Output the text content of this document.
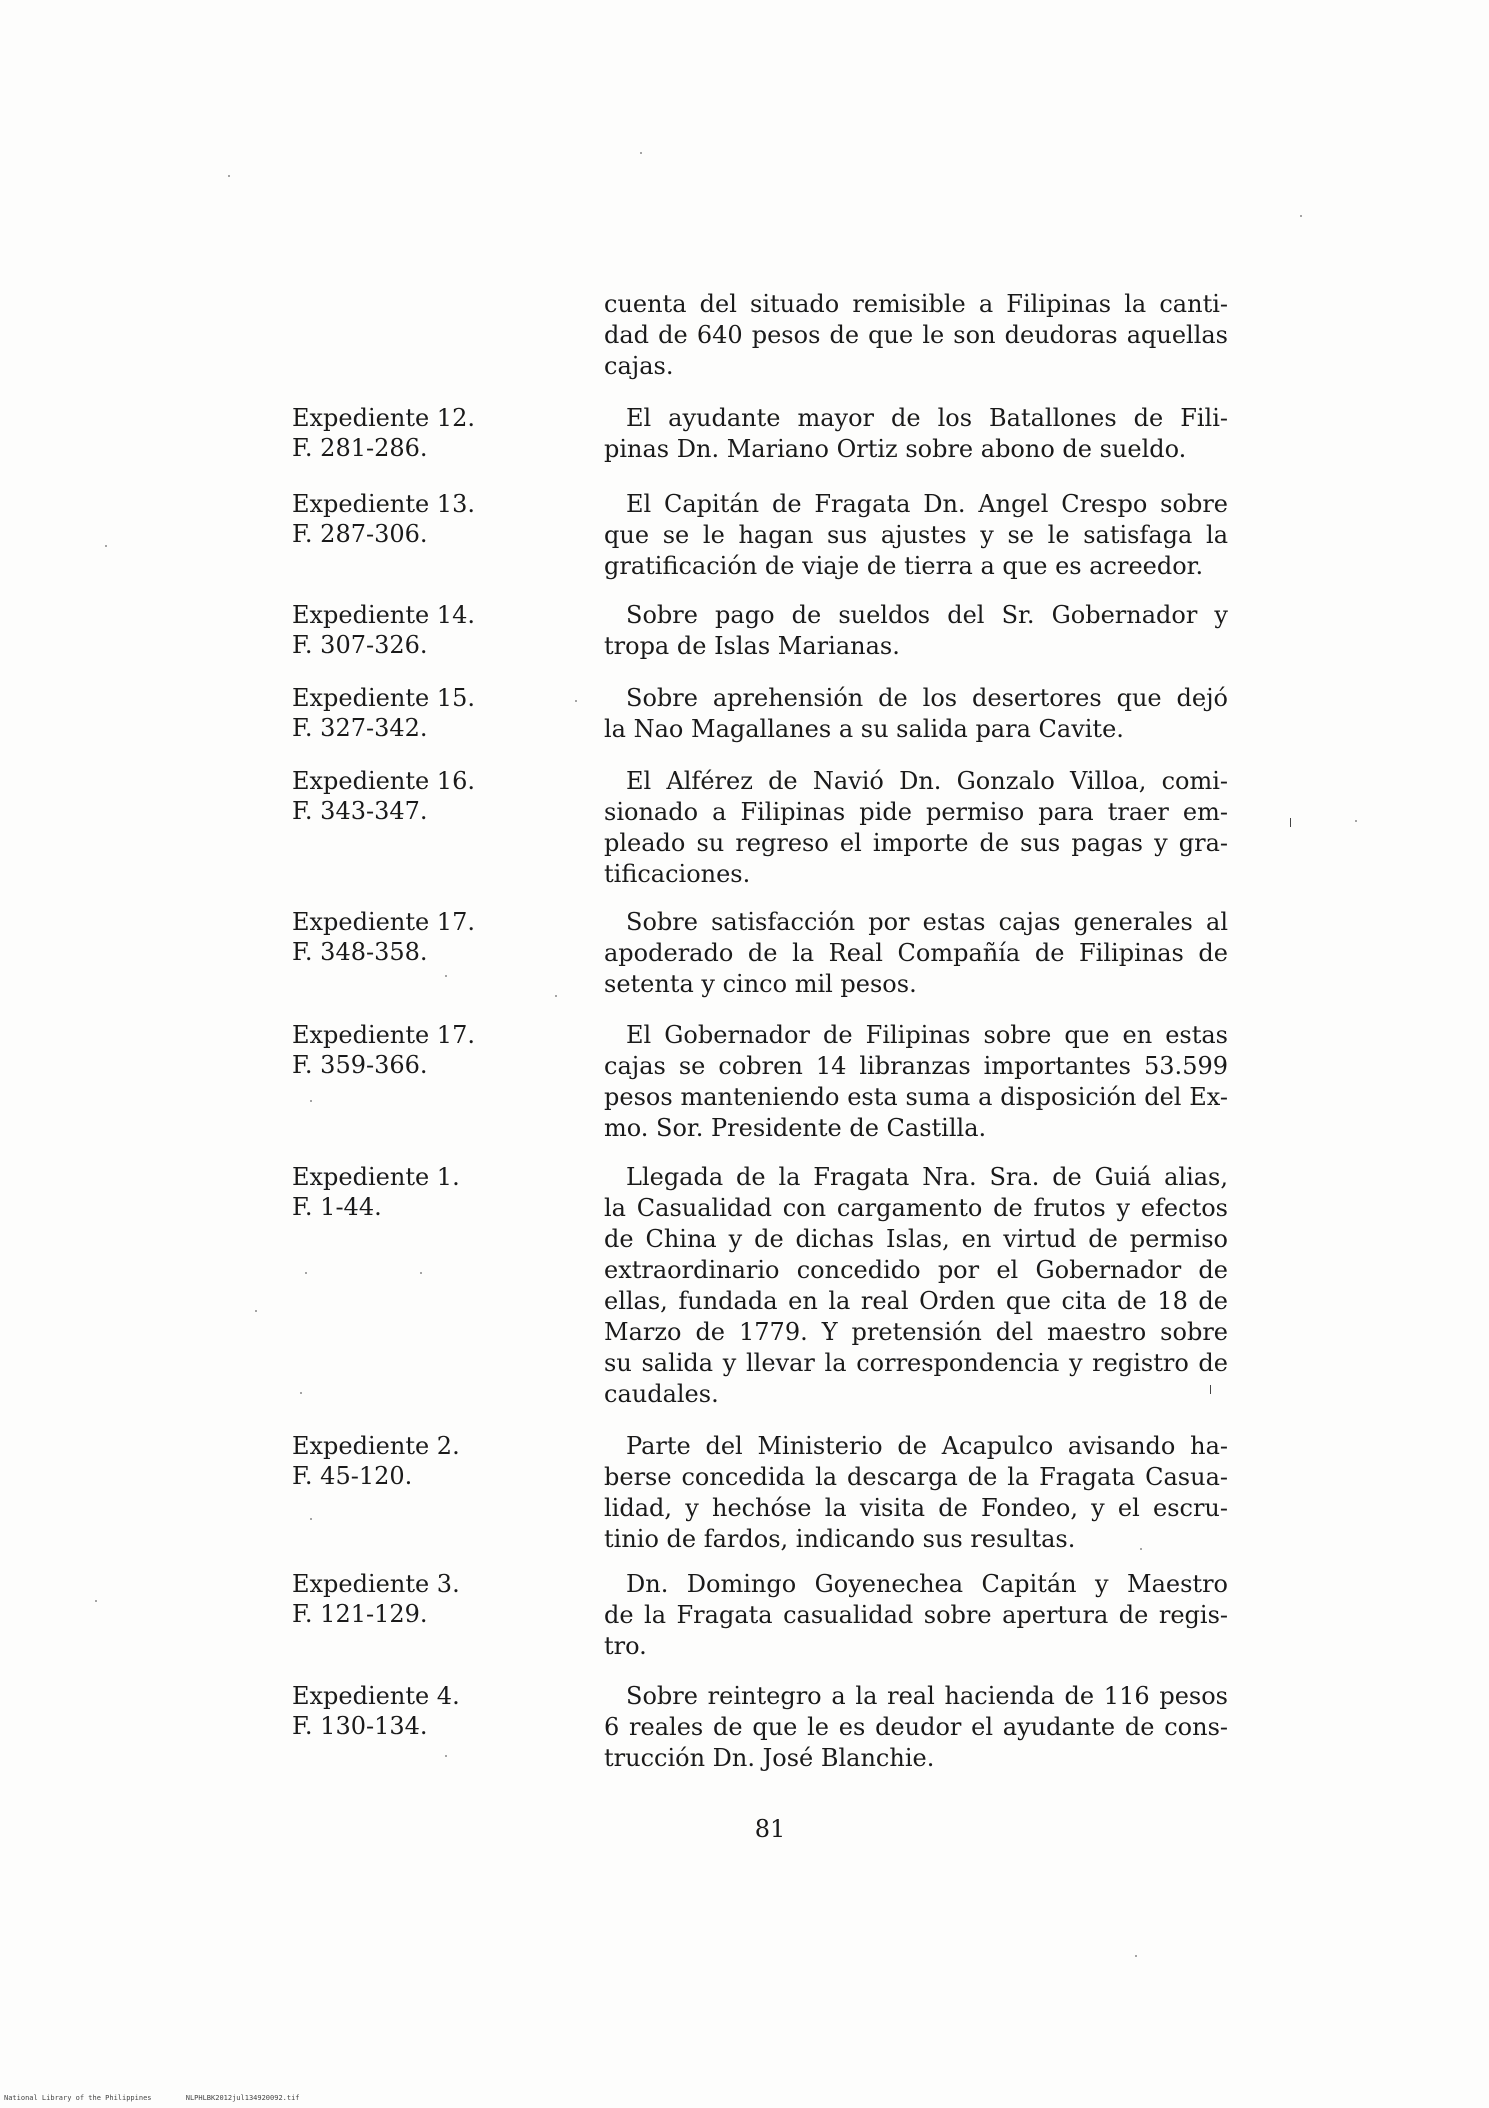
cuenta del situado remisible a Filipinas la canti-
dad de 640 pesos de que le son deudoras aquellas
cajas.
Expediente 12.
F. 281-286.
El ayudante mayor de los Batallones de Fili-
pinas Dn. Mariano Ortiz sobre abono de sueldo.
Expediente 13.
F. 287-306.
El Capitán de Fragata Dn. Angel Crespo sobre
que se le hagan sus ajustes y se le satisfaga la
gratificación de viaje de tierra a que es acreedor.
Expediente 14.
F. 307-326.
Sobre pago de sueldos del Sr. Gobernador y
tropa de Islas Marianas.
Expediente 15.
F. 327-342.
Sobre aprehensión de los desertores que dejó
la Nao Magallanes a su salida para Cavite.
Expediente 16.
F. 343-347.
El Alférez de Navió Dn. Gonzalo Villoa, comi-
sionado a Filipinas pide permiso para traer em-
pleado su regreso el importe de sus pagas y gra-
tificaciones.
Expediente 17.
F. 348-358.
Sobre satisfacción por estas cajas generales al
apoderado de la Real Compañía de Filipinas de
setenta y cinco mil pesos.
Expediente 17.
F. 359-366.
El Gobernador de Filipinas sobre que en estas
cajas se cobren 14 libranzas importantes 53.599
pesos manteniendo esta suma a disposición del Ex-
mo. Sor. Presidente de Castilla.
Expediente 1.
F. 1-44.
Llegada de la Fragata Nra. Sra. de Guiá alias,
la Casualidad con cargamento de frutos y efectos
de China y de dichas Islas, en virtud de permiso
extraordinario concedido por el Gobernador de
ellas, fundada en la real Orden que cita de 18 de
Marzo de 1779. Y pretensión del maestro sobre
su salida y llevar la correspondencia y registro de
caudales.
Expediente 2.
F. 45-120.
Parte del Ministerio de Acapulco avisando ha-
berse concedida la descarga de la Fragata Casua-
lidad, y hechóse la visita de Fondeo, y el escru-
tinio de fardos, indicando sus resultas.
Expediente 3.
F. 121-129.
Dn. Domingo Goyenechea Capitán y Maestro
de la Fragata casualidad sobre apertura de regis-
tro.
Expediente 4.
F. 130-134.
Sobre reintegro a la real hacienda de 116 pesos
6 reales de que le es deudor el ayudante de cons-
trucción Dn. José Blanchie.
81
National Library of the Philippines	NLPHLBK2012jul134920092.tif
